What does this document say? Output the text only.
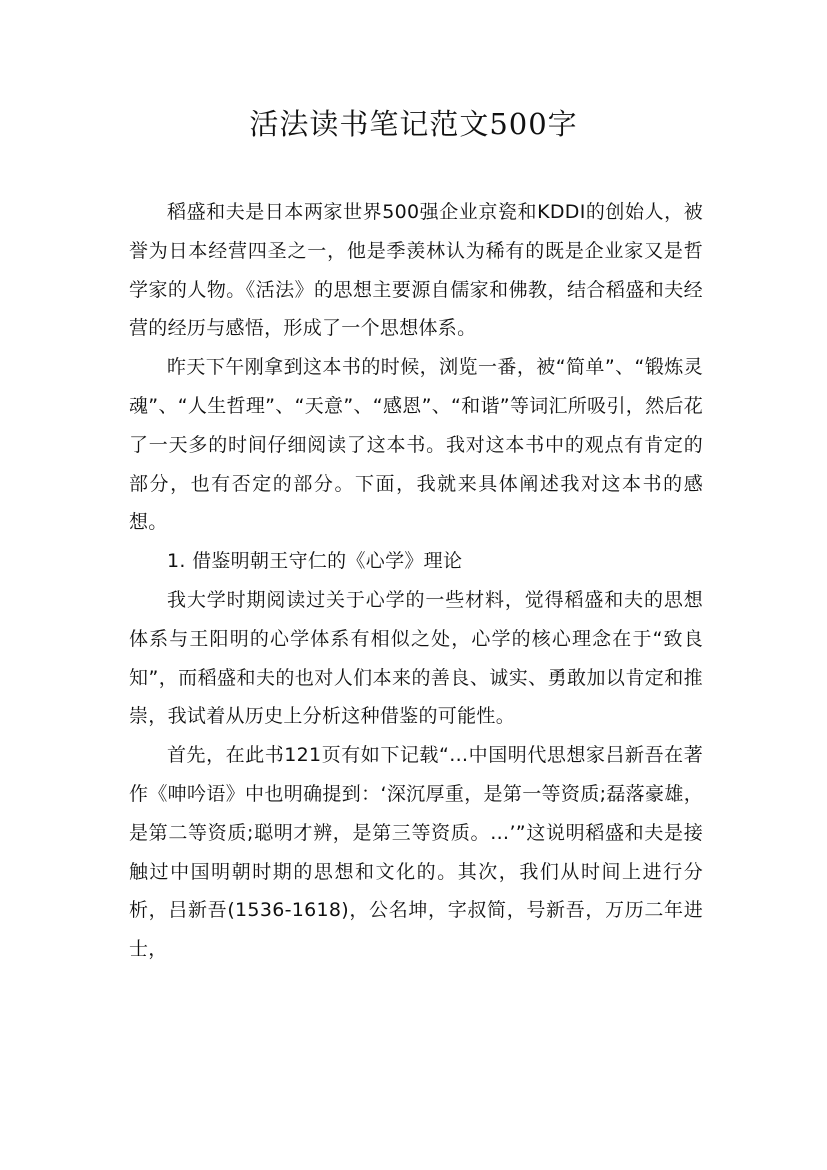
活法读书笔记范文500字

稻盛和夫是日本两家世界500强企业京瓷和KDDI的创始人，被誉为日本经营四圣之一，他是季羡林认为稀有的既是企业家又是哲学家的人物。《活法》的思想主要源自儒家和佛教，结合稻盛和夫经营的经历与感悟，形成了一个思想体系。

昨天下午刚拿到这本书的时候，浏览一番，被“简单”、“锻炼灵魂”、“人生哲理”、“天意”、“感恩”、“和谐”等词汇所吸引，然后花了一天多的时间仔细阅读了这本书。我对这本书中的观点有肯定的部分，也有否定的部分。下面，我就来具体阐述我对这本书的感想。

1. 借鉴明朝王守仁的《心学》理论

我大学时期阅读过关于心学的一些材料，觉得稻盛和夫的思想体系与王阳明的心学体系有相似之处，心学的核心理念在于“致良知”，而稻盛和夫的也对人们本来的善良、诚实、勇敢加以肯定和推崇，我试着从历史上分析这种借鉴的可能性。

首先，在此书121页有如下记载“…中国明代思想家吕新吾在著作《呻吟语》中也明确提到：‘深沉厚重，是第一等资质;磊落豪雄，是第二等资质;聪明才辨，是第三等资质。…’”这说明稻盛和夫是接触过中国明朝时期的思想和文化的。其次，我们从时间上进行分析，吕新吾(1536-1618)，公名坤，字叔简，号新吾，万历二年进士，
